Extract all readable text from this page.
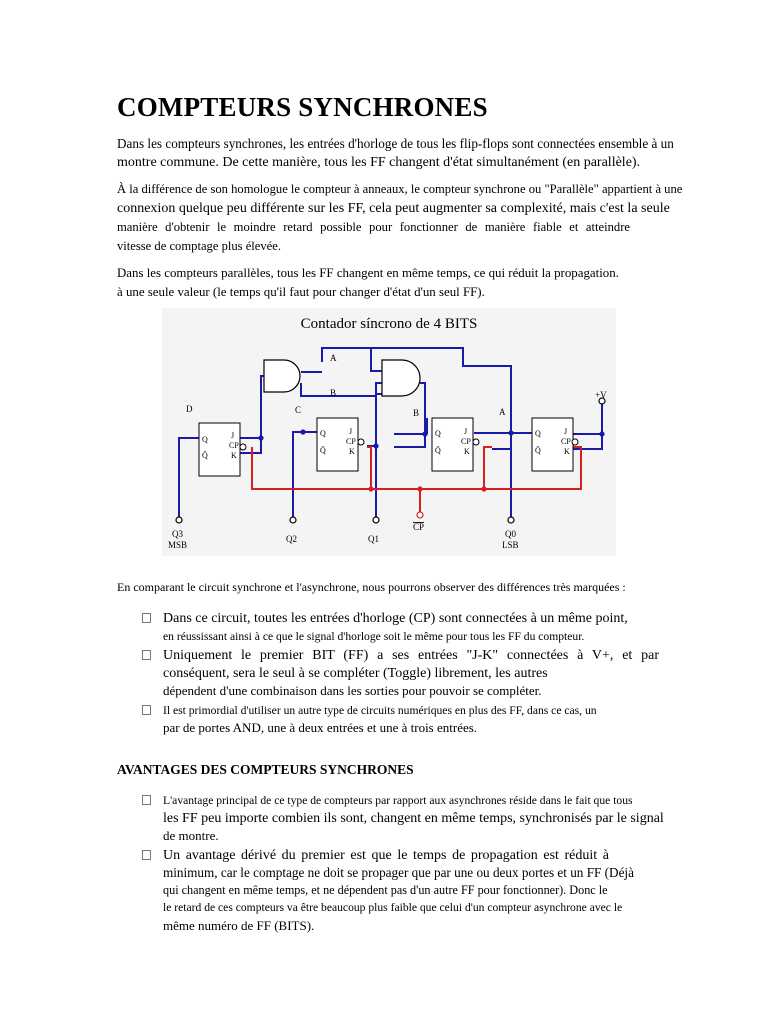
COMPTEURS SYNCHRONES
Dans les compteurs synchrones, les entrées d'horloge de tous les flip-flops sont connectées ensemble à un
montre commune. De cette manière, tous les FF changent d'état simultanément (en parallèle).
À la différence de son homologue le compteur à anneaux, le compteur synchrone ou "Parallèle" appartient à une
connexion quelque peu différente sur les FF, cela peut augmenter sa complexité, mais c'est la seule
manière d'obtenir le moindre retard possible pour fonctionner de manière fiable et atteindre
vitesse de comptage plus élevée.
Dans les compteurs parallèles, tous les FF changent en même temps, ce qui réduit la propagation.
à une seule valeur (le temps qu'il faut pour changer d'état d'un seul FF).
Contador síncrono de 4 BITS
Q
Q̄
J
CP
K
Q
Q̄
J
CP
K
Q
Q̄
J
CP
K
Q
Q̄
J
CP
K
D	C	B	A
A
B	+V
Q3
MSB
Q2	Q1
CP
Q0
LSB
En comparant le circuit synchrone et l'asynchrone, nous pourrons observer des différences très marquées :
Dans ce circuit, toutes les entrées d'horloge (CP) sont connectées à un même point,
en réussissant ainsi à ce que le signal d'horloge soit le même pour tous les FF du compteur.
Uniquement le premier BIT (FF) a ses entrées "J-K" connectées à V+, et par
conséquent, sera le seul à se compléter (Toggle) librement, les autres
dépendent d'une combinaison dans les sorties pour pouvoir se compléter.
Il est primordial d'utiliser un autre type de circuits numériques en plus des FF, dans ce cas, un
par de portes AND, une à deux entrées et une à trois entrées.
AVANTAGES DES COMPTEURS SYNCHRONES
L'avantage principal de ce type de compteurs par rapport aux asynchrones réside dans le fait que tous
les FF peu importe combien ils sont, changent en même temps, synchronisés par le signal
de montre.
Un avantage dérivé du premier est que le temps de propagation est réduit à
minimum, car le comptage ne doit se propager que par une ou deux portes et un FF (Déjà
qui changent en même temps, et ne dépendent pas d'un autre FF pour fonctionner). Donc le
le retard de ces compteurs va être beaucoup plus faible que celui d'un compteur asynchrone avec le
même numéro de FF (BITS).
